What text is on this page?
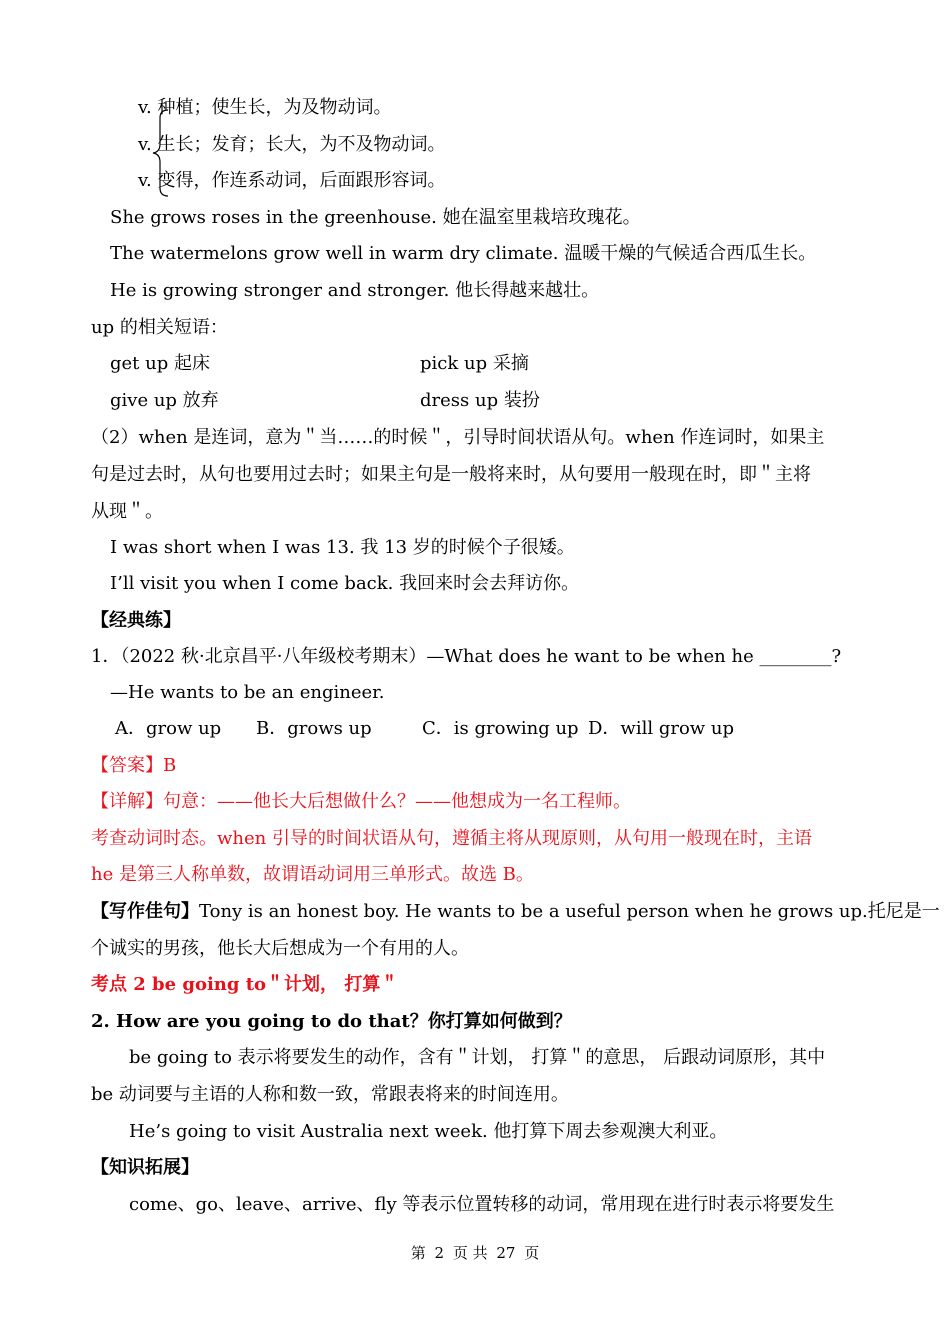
v. 种植；使生长，为及物动词。
v. 生长；发育；长大，为不及物动词。
v. 变得，作连系动词，后面跟形容词。
She grows roses in the greenhouse. 她在温室里栽培玫瑰花。
The watermelons grow well in warm dry climate. 温暖干燥的气候适合西瓜生长。
He is growing stronger and stronger. 他长得越来越壮。
up 的相关短语：
get up 起床	pick up 采摘
give up 放弃	dress up 装扮
（2）when 是连词，意为＂当……的时候＂，引导时间状语从句。when 作连词时，如果主
句是过去时，从句也要用过去时；如果主句是一般将来时，从句要用一般现在时，即＂主将
从现＂。
I was short when I was 13. 我 13 岁的时候个子很矮。
I’ll visit you when I come back. 我回来时会去拜访你。
【经典练】
1．（2022 秋·北京昌平·八年级校考期末）—What does he want to be when he ________?
—He wants to be an engineer.
A．grow up B．grows up	C．is growing up D．will grow up
【答案】B
【详解】句意：——他长大后想做什么？——他想成为一名工程师。
考查动词时态。when 引导的时间状语从句，遵循主将从现原则，从句用一般现在时，主语
he 是第三人称单数，故谓语动词用三单形式。故选 B。
【写作佳句】Tony is an honest boy. He wants to be a useful person when he grows up.托尼是一
个诚实的男孩，他长大后想成为一个有用的人。
考点 2 be going to＂计划， 打算＂
2. How are you going to do that？你打算如何做到？
be going to 表示将要发生的动作，含有＂计划， 打算＂的意思， 后跟动词原形，其中
be 动词要与主语的人称和数一致，常跟表将来的时间连用。
He’s going to visit Australia next week. 他打算下周去参观澳大利亚。
【知识拓展】
come、go、leave、arrive、fly 等表示位置转移的动词，常用现在进行时表示将要发生
第 2 页 共 27 页
